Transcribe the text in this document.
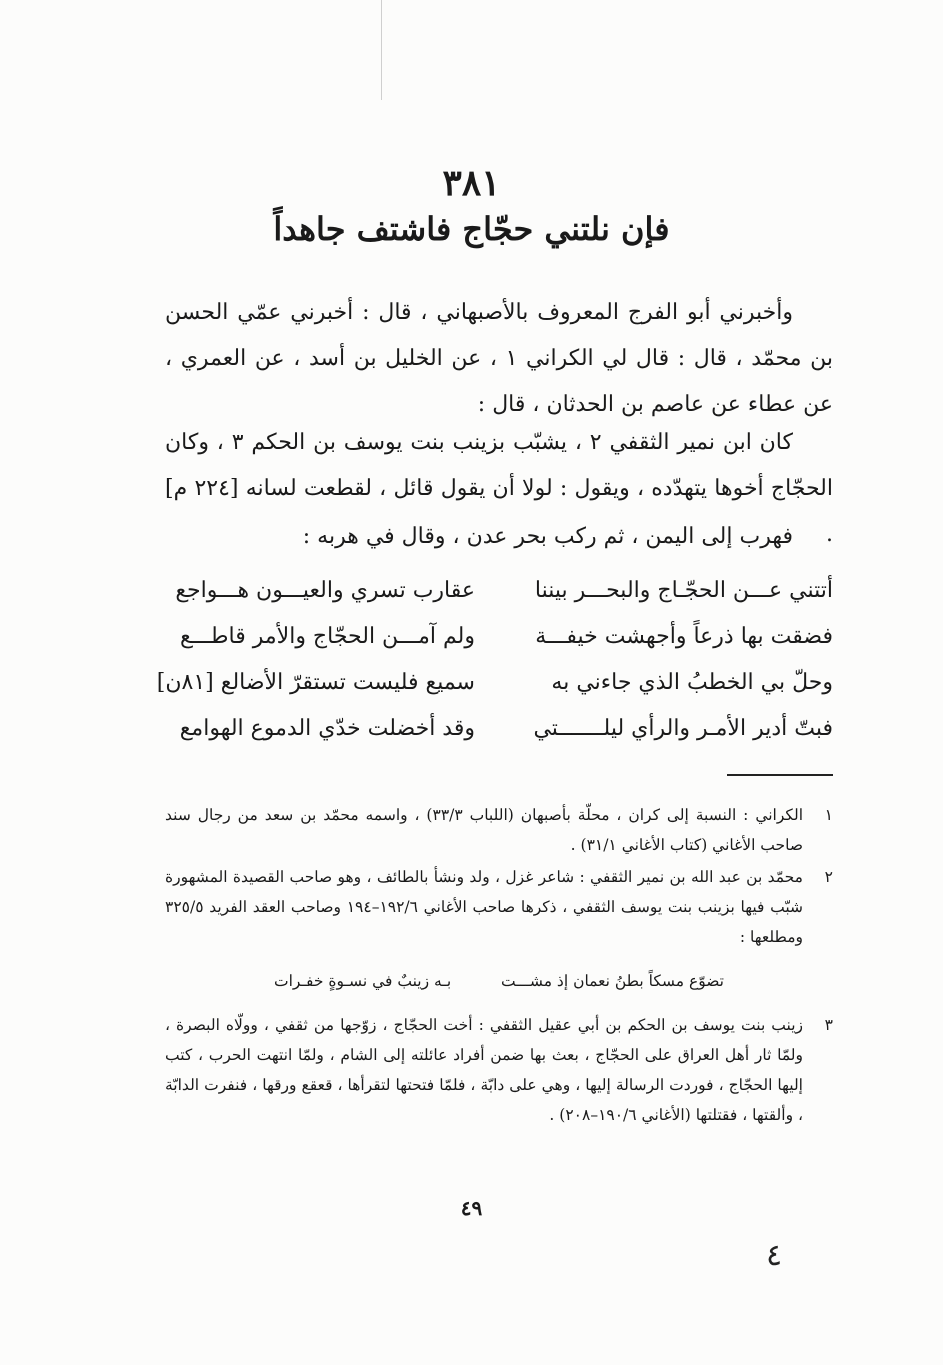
٣٨١
فإن نلتني حجّاج فاشتف جاهداً

وأخبرني أبو الفرج المعروف بالأصبهاني ، قال : أخبرني عمّي الحسن بن محمّد ، قال : قال لي الكراني ١ ، عن الخليل بن أسد ، عن العمري ، عن عطاء عن عاصم بن الحدثان ، قال :

كان ابن نمير الثقفي ٢ ، يشبّب بزينب بنت يوسف بن الحكم ٣ ، وكان الحجّاج أخوها يتهدّده ، ويقول : لولا أن يقول قائل ، لقطعت لسانه [٢٢٤ م] .

فهرب إلى اليمن ، ثم ركب بحر عدن ، وقال في هربه :

أتتني عـــن الحجّـاج والبحـــر بيننا
عقارب تسري والعيـــون هـــواجع
فضقت بها ذرعاً وأجهشت خيفـــة
ولم آمـــن الحجّاج والأمر قاطـــع
وحلّ بي الخطبُ الذي جاءني به
سميع فليست تستقرّ الأضالع [٨١ن]
فبتّ أدير الأمـر والرأي ليلـــــــتي
وقد أخضلت خدّي الدموع الهوامع
١
الكراني : النسبة إلى كران ، محلّة بأصبهان (اللباب ٣٣/٣) ، واسمه محمّد بن سعد من رجال سند صاحب الأغاني (كتاب الأغاني ٣١/١) .
٢
محمّد بن عبد الله بن نمير الثقفي : شاعر غزل ، ولد ونشأ بالطائف ، وهو صاحب القصيدة المشهورة شبّب فيها بزينب بنت يوسف الثقفي ، ذكرها صاحب الأغاني ١٩٢/٦–١٩٤ وصاحب العقد الفريد ٣٢٥/٥ ومطلعها :
تضوّع مسكاً بطنُ نعمان إذ مشـــت  بـه زينبٌ في نسـوةٍ خفـرات
٣
زينب بنت يوسف بن الحكم بن أبي عقيل الثقفي : أخت الحجّاج ، زوّجها من ثقفي ، وولّاه البصرة ، ولمّا ثار أهل العراق على الحجّاج ، بعث بها ضمن أفراد عائلته إلى الشام ، ولمّا انتهت الحرب ، كتب إليها الحجّاج ، فوردت الرسالة إليها ، وهي على دابّة ، فلمّا فتحتها لتقرأها ، قعقع ورقها ، فنفرت الدابّة ، وألقتها ، فقتلتها (الأغاني ١٩٠/٦–٢٠٨) .
٤٩
٤
